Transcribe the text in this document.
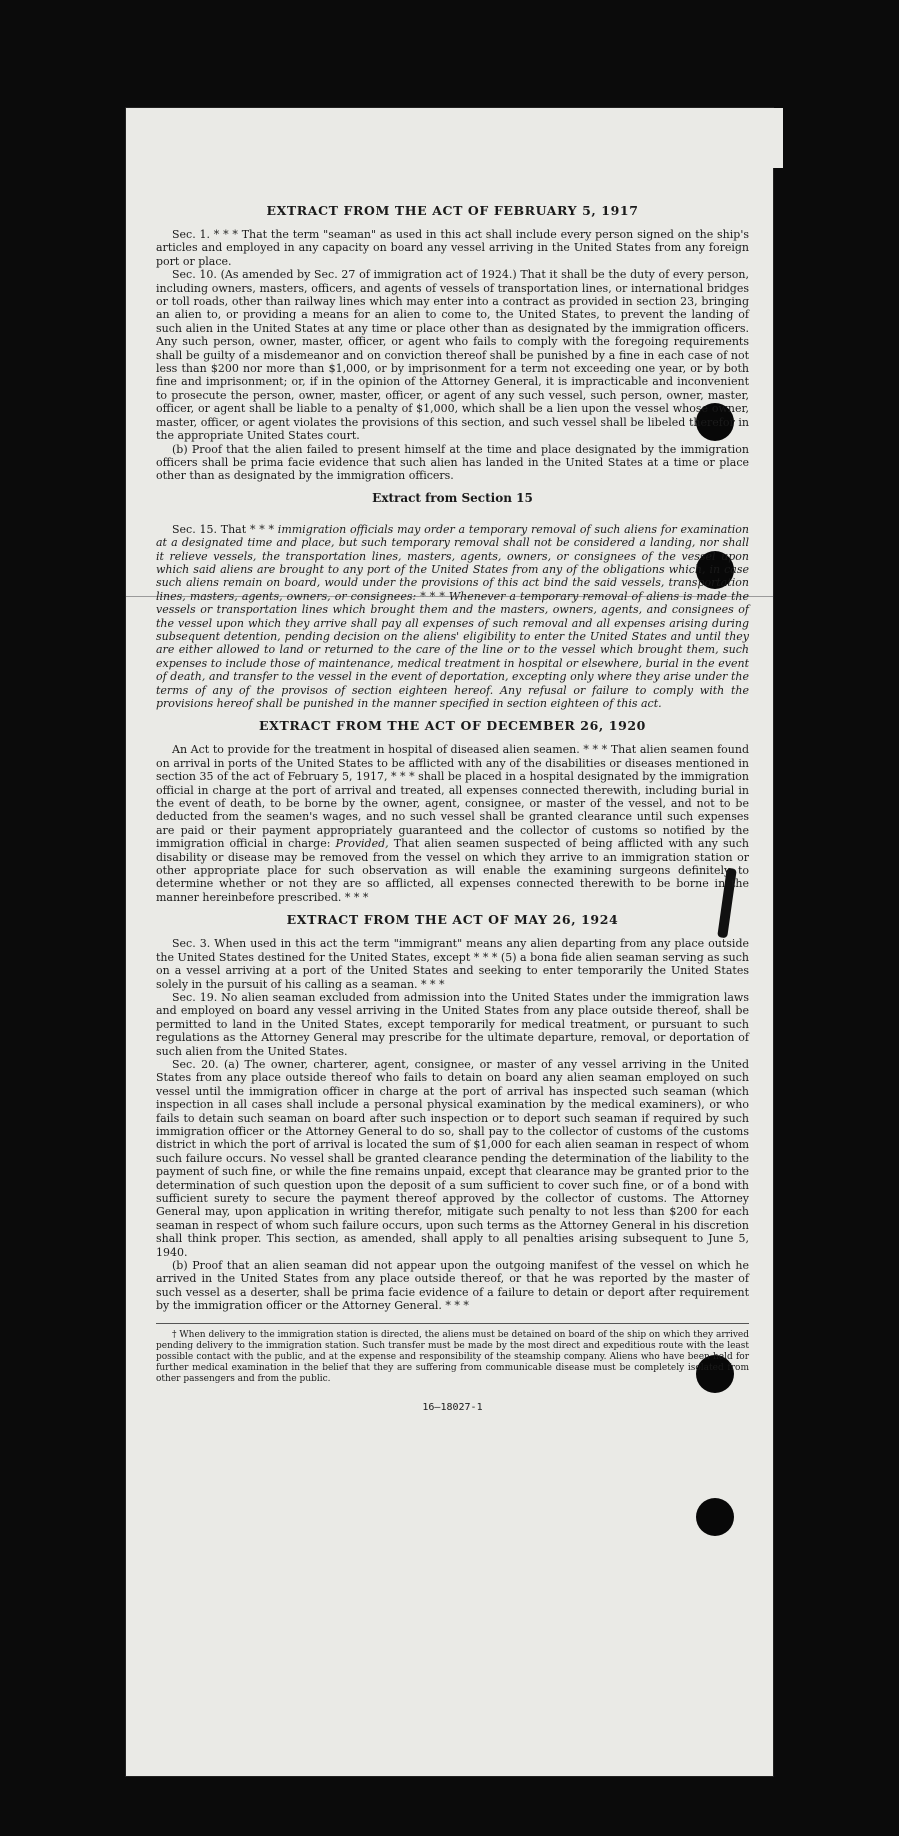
EXTRACT FROM THE ACT OF FEBRUARY 5, 1917

Sec. 1. * * * That the term "seaman" as used in this act shall include every person signed on the ship's articles and employed in any capacity on board any vessel arriving in the United States from any foreign port or place.

Sec. 10. (As amended by Sec. 27 of immigration act of 1924.) That it shall be the duty of every person, including owners, masters, officers, and agents of vessels of transportation lines, or international bridges or toll roads, other than railway lines which may enter into a contract as provided in section 23, bringing an alien to, or providing a means for an alien to come to, the United States, to prevent the landing of such alien in the United States at any time or place other than as designated by the immigration officers. Any such person, owner, master, officer, or agent who fails to comply with the foregoing requirements shall be guilty of a misdemeanor and on conviction thereof shall be punished by a fine in each case of not less than $200 nor more than $1,000, or by imprisonment for a term not exceeding one year, or by both fine and imprisonment; or, if in the opinion of the Attorney General, it is impracticable and inconvenient to prosecute the person, owner, master, officer, or agent of any such vessel, such person, owner, master, officer, or agent shall be liable to a penalty of $1,000, which shall be a lien upon the vessel whose owner, master, officer, or agent violates the provisions of this section, and such vessel shall be libeled therefor in the appropriate United States court.

(b) Proof that the alien failed to present himself at the time and place designated by the immigration officers shall be prima facie evidence that such alien has landed in the United States at a time or place other than as designated by the immigration officers.

Extract from Section 15

Sec. 15. That * * * immigration officials may order a temporary removal of such aliens for examination at a designated time and place, but such temporary removal shall not be considered a landing, nor shall it relieve vessels, the transportation lines, masters, agents, owners, or consignees of the vessel upon which said aliens are brought to any port of the United States from any of the obligations which, in case such aliens remain on board, would under the provisions of this act bind the said vessels, transportation lines, masters, agents, owners, or consignees: * * * Whenever a temporary removal of aliens is made the vessels or transportation lines which brought them and the masters, owners, agents, and consignees of the vessel upon which they arrive shall pay all expenses of such removal and all expenses arising during subsequent detention, pending decision on the aliens' eligibility to enter the United States and until they are either allowed to land or returned to the care of the line or to the vessel which brought them, such expenses to include those of maintenance, medical treatment in hospital or elsewhere, burial in the event of death, and transfer to the vessel in the event of deportation, excepting only where they arise under the terms of any of the provisos of section eighteen hereof. Any refusal or failure to comply with the provisions hereof shall be punished in the manner specified in section eighteen of this act.

EXTRACT FROM THE ACT OF DECEMBER 26, 1920

An Act to provide for the treatment in hospital of diseased alien seamen. * * * That alien seamen found on arrival in ports of the United States to be afflicted with any of the disabilities or diseases mentioned in section 35 of the act of February 5, 1917, * * * shall be placed in a hospital designated by the immigration official in charge at the port of arrival and treated, all expenses connected therewith, including burial in the event of death, to be borne by the owner, agent, consignee, or master of the vessel, and not to be deducted from the seamen's wages, and no such vessel shall be granted clearance until such expenses are paid or their payment appropriately guaranteed and the collector of customs so notified by the immigration official in charge: Provided, That alien seamen suspected of being afflicted with any such disability or disease may be removed from the vessel on which they arrive to an immigration station or other appropriate place for such observation as will enable the examining surgeons definitely to determine whether or not they are so afflicted, all expenses connected therewith to be borne in the manner hereinbefore prescribed. * * *

EXTRACT FROM THE ACT OF MAY 26, 1924

Sec. 3. When used in this act the term "immigrant" means any alien departing from any place outside the United States destined for the United States, except * * * (5) a bona fide alien seaman serving as such on a vessel arriving at a port of the United States and seeking to enter temporarily the United States solely in the pursuit of his calling as a seaman. * * *

Sec. 19. No alien seaman excluded from admission into the United States under the immigration laws and employed on board any vessel arriving in the United States from any place outside thereof, shall be permitted to land in the United States, except temporarily for medical treatment, or pursuant to such regulations as the Attorney General may prescribe for the ultimate departure, removal, or deportation of such alien from the United States.

Sec. 20. (a) The owner, charterer, agent, consignee, or master of any vessel arriving in the United States from any place outside thereof who fails to detain on board any alien seaman employed on such vessel until the immigration officer in charge at the port of arrival has inspected such seaman (which inspection in all cases shall include a personal physical examination by the medical examiners), or who fails to detain such seaman on board after such inspection or to deport such seaman if required by such immigration officer or the Attorney General to do so, shall pay to the collector of customs of the customs district in which the port of arrival is located the sum of $1,000 for each alien seaman in respect of whom such failure occurs. No vessel shall be granted clearance pending the determination of the liability to the payment of such fine, or while the fine remains unpaid, except that clearance may be granted prior to the determination of such question upon the deposit of a sum sufficient to cover such fine, or of a bond with sufficient surety to secure the payment thereof approved by the collector of customs. The Attorney General may, upon application in writing therefor, mitigate such penalty to not less than $200 for each seaman in respect of whom such failure occurs, upon such terms as the Attorney General in his discretion shall think proper. This section, as amended, shall apply to all penalties arising subsequent to June 5, 1940.

(b) Proof that an alien seaman did not appear upon the outgoing manifest of the vessel on which he arrived in the United States from any place outside thereof, or that he was reported by the master of such vessel as a deserter, shall be prima facie evidence of a failure to detain or deport after requirement by the immigration officer or the Attorney General. * * *

† When delivery to the immigration station is directed, the aliens must be detained on board of the ship on which they arrived pending delivery to the immigration station. Such transfer must be made by the most direct and expeditious route with the least possible contact with the public, and at the expense and responsibility of the steamship company. Aliens who have been held for further medical examination in the belief that they are suffering from communicable disease must be completely isolated from other passengers and from the public.

16—18027-1
